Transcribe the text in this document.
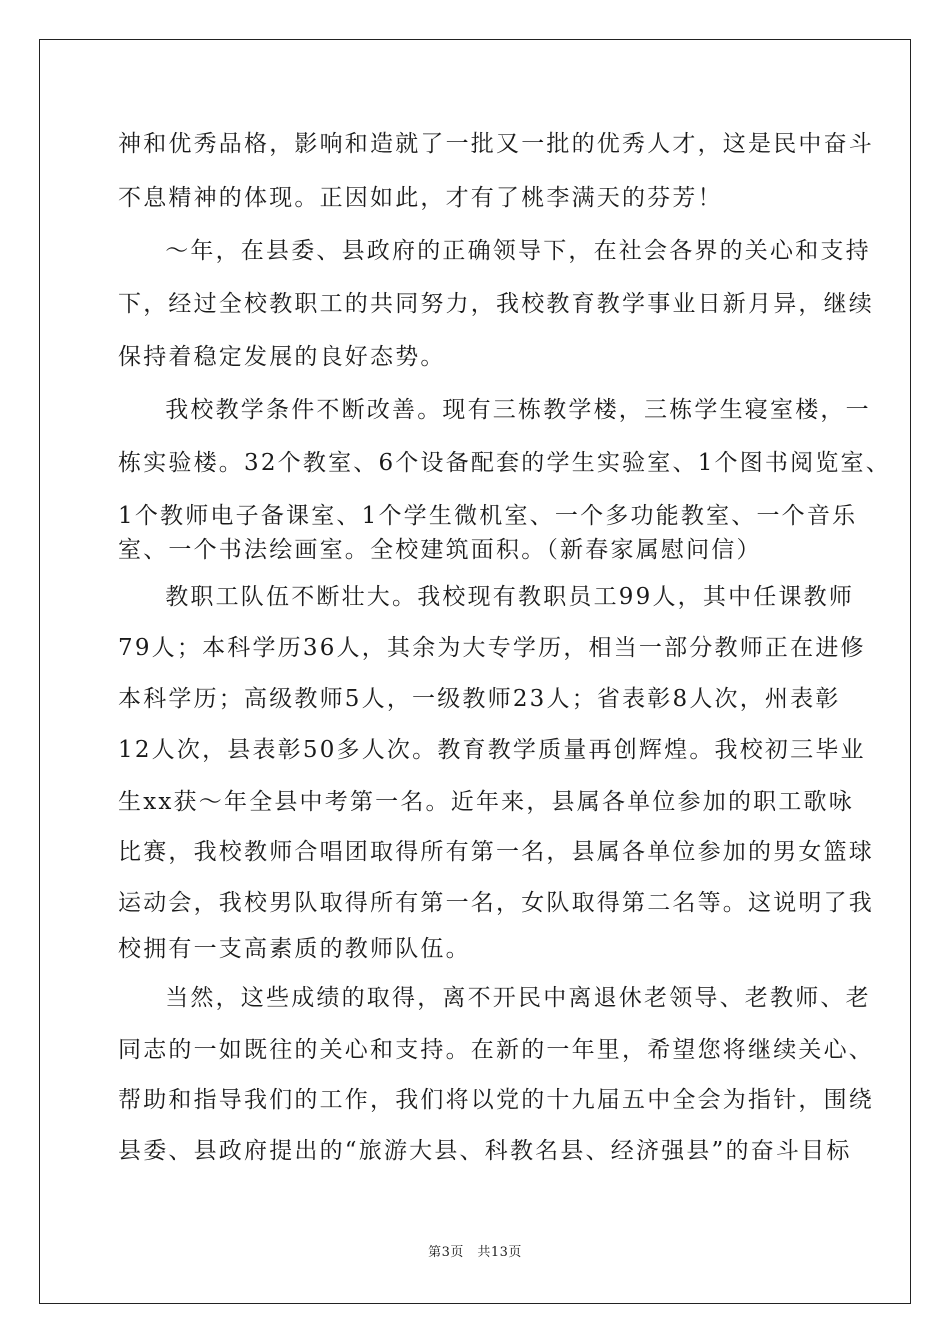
神和优秀品格，影响和造就了一批又一批的优秀人才，这是民中奋斗
不息精神的体现。正因如此，才有了桃李满天的芬芳！
　～年，在县委、县政府的正确领导下，在社会各界的关心和支持
下，经过全校教职工的共同努力，我校教育教学事业日新月异，继续
保持着稳定发展的良好态势。
　我校教学条件不断改善。现有三栋教学楼，三栋学生寝室楼，一
栋实验楼。32个教室、6个设备配套的学生实验室、1个图书阅览室、
1个教师电子备课室、1个学生微机室、一个多功能教室、一个音乐
室、一个书法绘画室。全校建筑面积。（新春家属慰问信）
　教职工队伍不断壮大。我校现有教职员工99人，其中任课教师
79人；本科学历36人，其余为大专学历，相当一部分教师正在进修
本科学历；高级教师5人，一级教师23人；省表彰8人次，州表彰
12人次，县表彰50多人次。教育教学质量再创辉煌。我校初三毕业
生xx获～年全县中考第一名。近年来，县属各单位参加的职工歌咏
比赛，我校教师合唱团取得所有第一名，县属各单位参加的男女篮球
运动会，我校男队取得所有第一名，女队取得第二名等。这说明了我
校拥有一支高素质的教师队伍。
　当然，这些成绩的取得，离不开民中离退休老领导、老教师、老
同志的一如既往的关心和支持。在新的一年里，希望您将继续关心、
帮助和指导我们的工作，我们将以党的十九届五中全会为指针，围绕
县委、县政府提出的“旅游大县、科教名县、经济强县”的奋斗目标
第3页　共13页
